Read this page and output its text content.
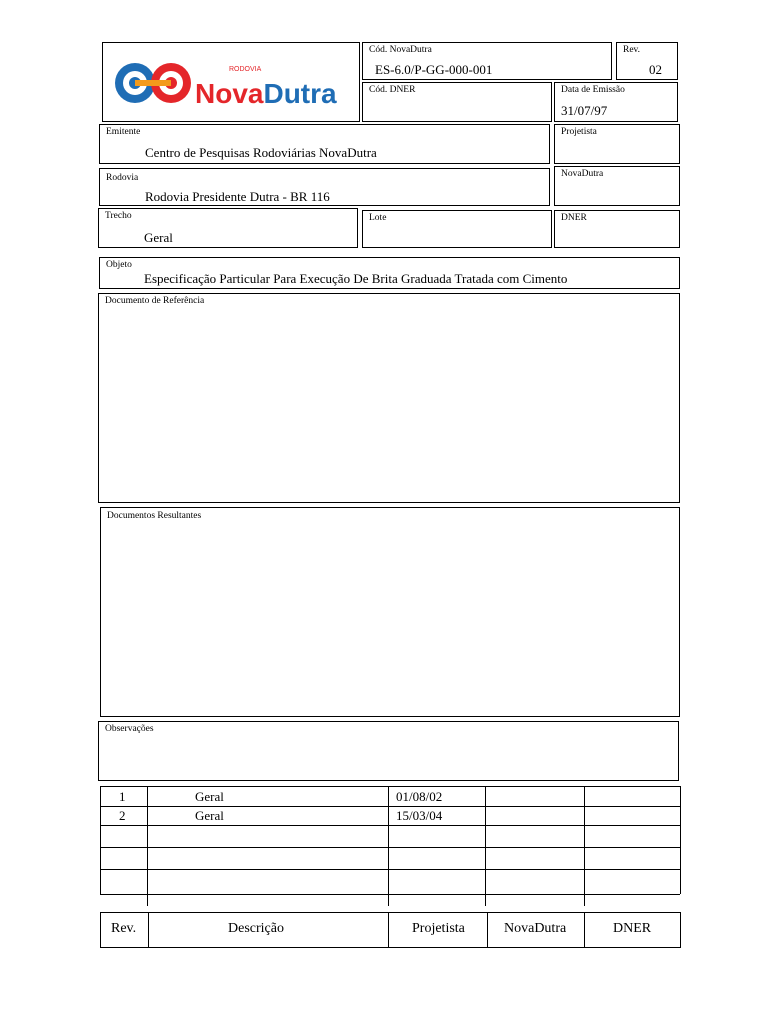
NovaDutra
RODOVIA
Cód. NovaDutra
ES-6.0/P-GG-000-001
Rev.
02
Cód. DNER	Data de Emissão
31/07/97
Emitente
Centro de Pesquisas Rodoviárias NovaDutra
Projetista
Rodovia
Rodovia Presidente Dutra - BR 116
NovaDutra
Trecho
Geral
Lote	DNER
Objeto
Especificação Particular Para Execução De Brita Graduada Tratada com Cimento
Documento de Referência
Documentos Resultantes
Observações
1	Geral	01/08/02
2	Geral	15/03/04
Rev.	Descrição	Projetista	NovaDutra	DNER
